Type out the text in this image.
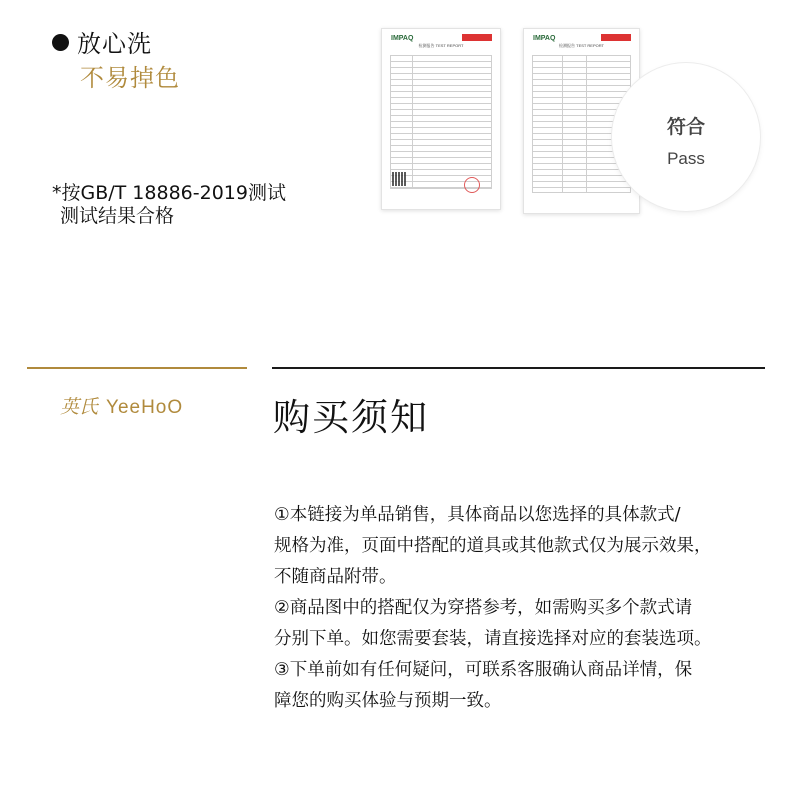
放心洗
不易掉色
*按GB/T 18886-2019测试
测试结果合格
IMPAQ
检测报告 TEST REPORT
IMPAQ
检测报告 TEST REPORT
符合
Pass
英氏 YeeHoO 购买须知

①本链接为单品销售，具体商品以您选择的具体款式/

规格为准，页面中搭配的道具或其他款式仅为展示效果，

不随商品附带。

②商品图中的搭配仅为穿搭参考，如需购买多个款式请

分别下单。如您需要套装，请直接选择对应的套装选项。

③下单前如有任何疑问，可联系客服确认商品详情，保

障您的购买体验与预期一致。
